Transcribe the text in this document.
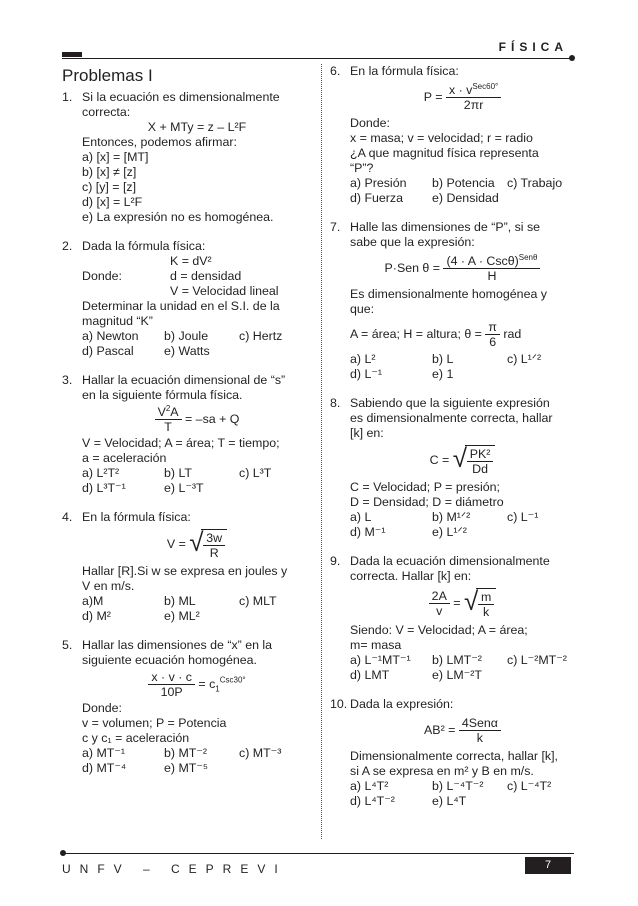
FÍSICA
Problemas I
1. Si la ecuación es dimensionalmente
correcta:
X + MTy = z – L²F
Entonces, podemos afirmar:
a) [x] = [MT]
b) [x] ≠ [z]
c) [y] = [z]
d) [x] = L²F
e) La expresión no es homogénea.
2. Dada la fórmula física:
K = dV²
Donde:	d = densidad
V = Velocidad lineal
Determinar la unidad en el S.I. de la
magnitud “K”
a) Newton	b) Joule	c) Hertz
d) Pascal	e) Watts
3. Hallar la ecuación dimensional de “s”
en la siguiente fórmula física.
$\frac{V^2A}{T} = -sa + Q$
V = Velocidad; A = área; T = tiempo;
a = aceleración
a) L²T²	b) LT	c) L³T
d) L³T⁻¹	e) L⁻³T
4. En la fórmula física:
V = √ $\frac{3w}{R}$
Hallar [R].Si w se expresa en joules y
V en m/s.
a)M	b) ML	c) MLT
d) M²	e) ML²
5. Hallar las dimensiones de “x” en la
siguiente ecuación homogénea.
$\frac{x \cdot v \cdot c}{10P} = c_1^{Csc30^\circ}$
Donde:
v = volumen; P = Potencia
c y c₁ = aceleración
a) MT⁻¹	b) MT⁻²	c) MT⁻³
d) MT⁻⁴	e) MT⁻⁵
6. En la fórmula física:
$P = \frac{x \cdot v^{Sec60^\circ}}{2\pi r}$
Donde:
x = masa; v = velocidad; r = radio
¿A que magnitud física representa
“P”?
a) Presión	b) Potencia c) Trabajo
d) Fuerza	e) Densidad
7. Halle las dimensiones de “P”, si se
sabe que la expresión:
P·Sen $\theta = \frac{(4 \cdot A \cdot Csc\theta)^{Sen\theta}}{H}$
Es dimensionalmente homogénea y
que:
A = área; H = altura; $\theta = \frac{\pi}{6}$ rad
a) L²	b) L	c) L¹ᐟ²
d) L⁻¹	e) 1
8. Sabiendo que la siguiente expresión
es dimensionalmente correcta, hallar
[k] en:
C = √ $\frac{\text{PK²}}{Dd}$
C = Velocidad; P = presión;
D = Densidad; D = diámetro
a) L	b) M¹ᐟ²	c) L⁻¹
d) M⁻¹	e) L¹ᐟ²
9. Dada la ecuación dimensionalmente
correcta. Hallar [k] en:
$\frac{2A}{v}$ = √ $\frac{m}{k}$
Siendo: V = Velocidad; A = área;
m= masa
a) L⁻¹MT⁻¹	b) LMT⁻²	c) L⁻²MT⁻²
d) LMT	e) LM⁻²T
10. Dada la expresión:
$AB^2 = \frac{\text{4Senα}}{k}$
Dimensionalmente correcta, hallar [k],
si A se expresa en m² y B en m/s.
a) L⁴T²	b) L⁻⁴T⁻²	c) L⁻⁴T²
d) L⁴T⁻²	e) L⁴T
UNFV – CEPREVI	7
